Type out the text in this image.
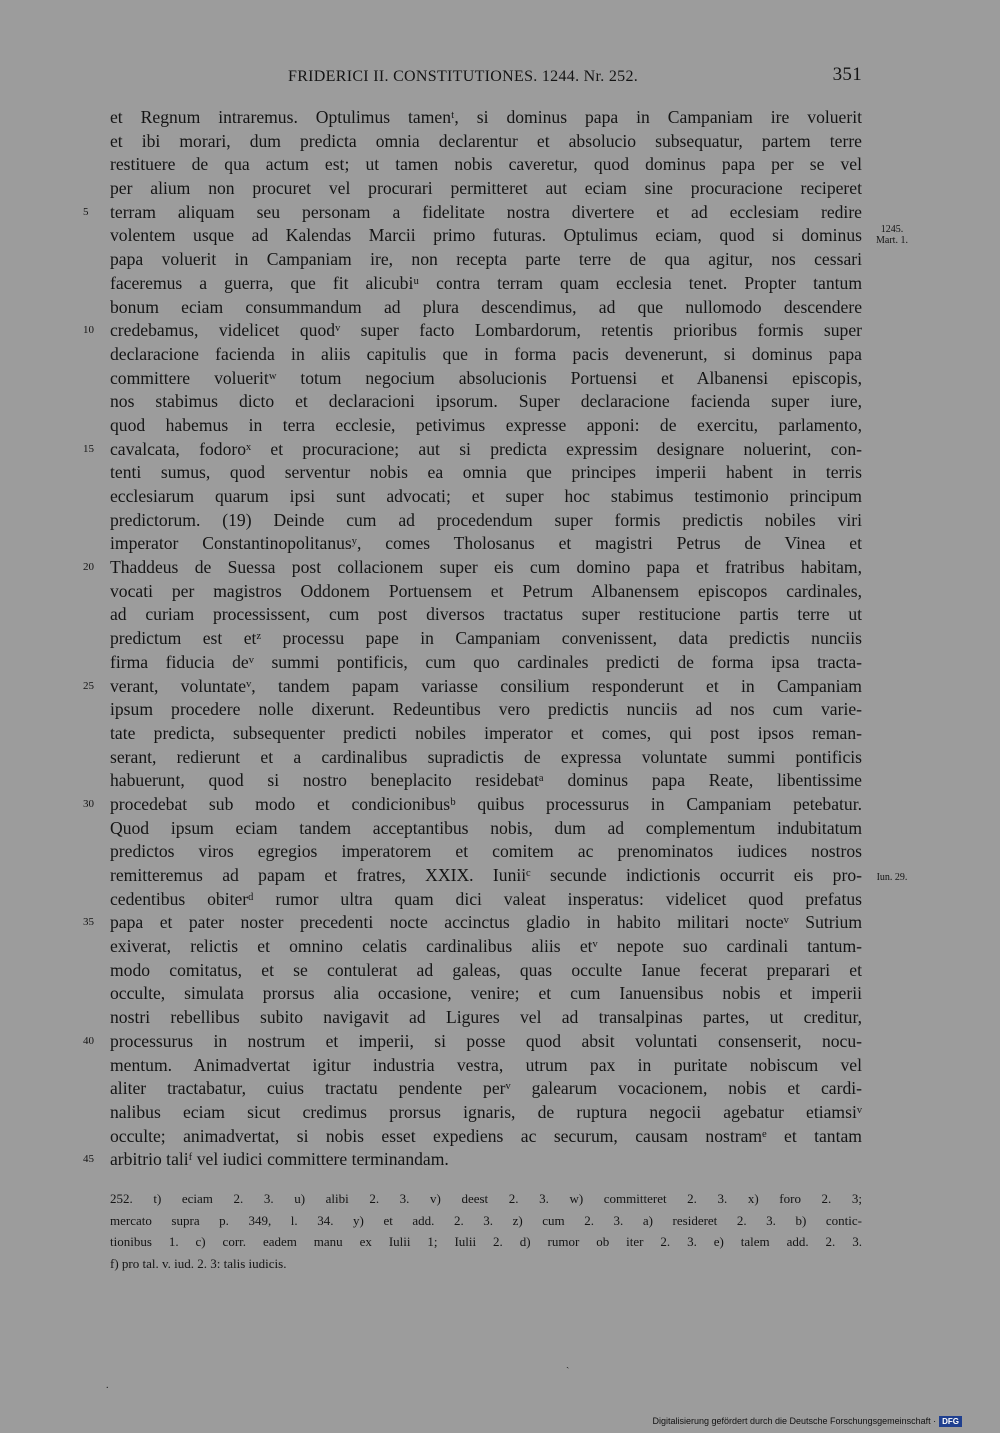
FRIDERICI II. CONSTITUTIONES. 1244. Nr. 252.	351
et Regnum intraremus. Optulimus tamenᵗ, si dominus papa in Campaniam ire voluerit
et ibi morari, dum predicta omnia declarentur et absolucio subsequatur, partem terre
restituere de qua actum est; ut tamen nobis caveretur, quod dominus papa per se vel
per alium non procuret vel procurari permitteret aut eciam sine procuracione reciperet
5	terram aliquam seu personam a fidelitate nostra divertere et ad ecclesiam redire
volentem usque ad Kalendas Marcii primo futuras. Optulimus eciam, quod si dominus
papa voluerit in Campaniam ire, non recepta parte terre de qua agitur, nos cessari
faceremus a guerra, que fit alicubiᵘ contra terram quam ecclesia tenet. Propter tantum
bonum eciam consummandum ad plura descendimus, ad que nullomodo descendere
10 credebamus, videlicet quodᵛ super facto Lombardorum, retentis prioribus formis super
declaracione facienda in aliis capitulis que in forma pacis devenerunt, si dominus papa
committere volueritʷ totum negocium absolucionis Portuensi et Albanensi episcopis,
nos stabimus dicto et declaracioni ipsorum. Super declaracione facienda super iure,
quod habemus in terra ecclesie, petivimus expresse apponi: de exercitu, parlamento,
15 cavalcata, fodoroˣ et procuracione; aut si predicta expressim designare noluerint, con-
tenti sumus, quod serventur nobis ea omnia que principes imperii habent in terris
ecclesiarum quarum ipsi sunt advocati; et super hoc stabimus testimonio principum
predictorum. (19) Deinde cum ad procedendum super formis predictis nobiles viri
imperator Constantinopolitanusʸ, comes Tholosanus et magistri Petrus de Vinea et
20 Thaddeus de Suessa post collacionem super eis cum domino papa et fratribus habitam,
vocati per magistros Oddonem Portuensem et Petrum Albanensem episcopos cardinales,
ad curiam processissent, cum post diversos tractatus super restitucione partis terre ut
predictum est etᶻ processu pape in Campaniam convenissent, data predictis nunciis
firma fiducia deᵛ summi pontificis, cum quo cardinales predicti de forma ipsa tracta-
25 verant, voluntateᵛ, tandem papam variasse consilium responderunt et in Campaniam
ipsum procedere nolle dixerunt. Redeuntibus vero predictis nunciis ad nos cum varie-
tate predicta, subsequenter predicti nobiles imperator et comes, qui post ipsos reman-
serant, redierunt et a cardinalibus supradictis de expressa voluntate summi pontificis
habuerunt, quod si nostro beneplacito residebatᵃ dominus papa Reate, libentissime
30 procedebat sub modo et condicionibusᵇ quibus processurus in Campaniam petebatur.
Quod ipsum eciam tandem acceptantibus nobis, dum ad complementum indubitatum
predictos viros egregios imperatorem et comitem ac prenominatos iudices nostros
remitteremus ad papam et fratres, XXIX. Iuniiᶜ secunde indictionis occurrit eis pro-
cedentibus obiterᵈ rumor ultra quam dici valeat insperatus: videlicet quod prefatus
35 papa et pater noster precedenti nocte accinctus gladio in habito militari nocteᵛ Sutrium
exiverat, relictis et omnino celatis cardinalibus aliis etᵛ nepote suo cardinali tantum-
modo comitatus, et se contulerat ad galeas, quas occulte Ianue fecerat preparari et
occulte, simulata prorsus alia occasione, venire; et cum Ianuensibus nobis et imperii
nostri rebellibus subito navigavit ad Ligures vel ad transalpinas partes, ut creditur,
40 processurus in nostrum et imperii, si posse quod absit voluntati consenserit, nocu-
mentum. Animadvertat igitur industria vestra, utrum pax in puritate nobiscum vel
aliter tractabatur, cuius tractatu pendente perᵛ galearum vocacionem, nobis et cardi-
nalibus eciam sicut credimus prorsus ignaris, de ruptura negocii agebatur etiamsiᵛ
occulte; animadvertat, si nobis esset expediens ac securum, causam nostramᵉ et tantam
45 arbitrio taliᶠ vel iudici committere terminandam.
1245.
Mart. 1.
Iun. 29.
252. t) eciam 2. 3. u) alibi 2. 3. v) deest 2. 3. w) committeret 2. 3. x) foro 2. 3;
mercato supra p. 349, l. 34. y) et add. 2. 3. z) cum 2. 3. a) resideret 2. 3. b) contic-
tionibus 1. c) corr. eadem manu ex Iulii 1; Iulii 2. d) rumor ob iter 2. 3. e) talem add. 2. 3.
f) pro tal. v. iud. 2. 3: talis iudicis.
ˎ
.
Digitalisierung gefördert durch die Deutsche Forschungsgemeinschaft · DFG
